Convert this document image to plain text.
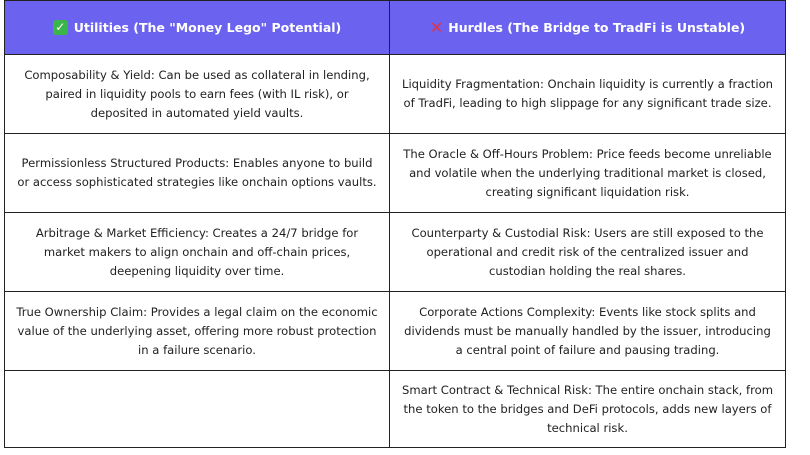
✓ Utilities (The "Money Lego" Potential)	✕ Hurdles (The Bridge to TradFi is Unstable)
Composability & Yield: Can be used as collateral in lending, paired in liquidity pools to earn fees (with IL risk), or deposited in automated yield vaults.
Liquidity Fragmentation: Onchain liquidity is currently a fraction of TradFi, leading to high slippage for any significant trade size.
Permissionless Structured Products: Enables anyone to build or access sophisticated strategies like onchain options vaults.
The Oracle & Off-Hours Problem: Price feeds become unreliable and volatile when the underlying traditional market is closed, creating significant liquidation risk.
Arbitrage & Market Efficiency: Creates a 24/7 bridge for market makers to align onchain and off-chain prices, deepening liquidity over time.
Counterparty & Custodial Risk: Users are still exposed to the operational and credit risk of the centralized issuer and custodian holding the real shares.
True Ownership Claim: Provides a legal claim on the economic value of the underlying asset, offering more robust protection in a failure scenario.
Corporate Actions Complexity: Events like stock splits and dividends must be manually handled by the issuer, introducing a central point of failure and pausing trading.
Smart Contract & Technical Risk: The entire onchain stack, from the token to the bridges and DeFi protocols, adds new layers of technical risk.
